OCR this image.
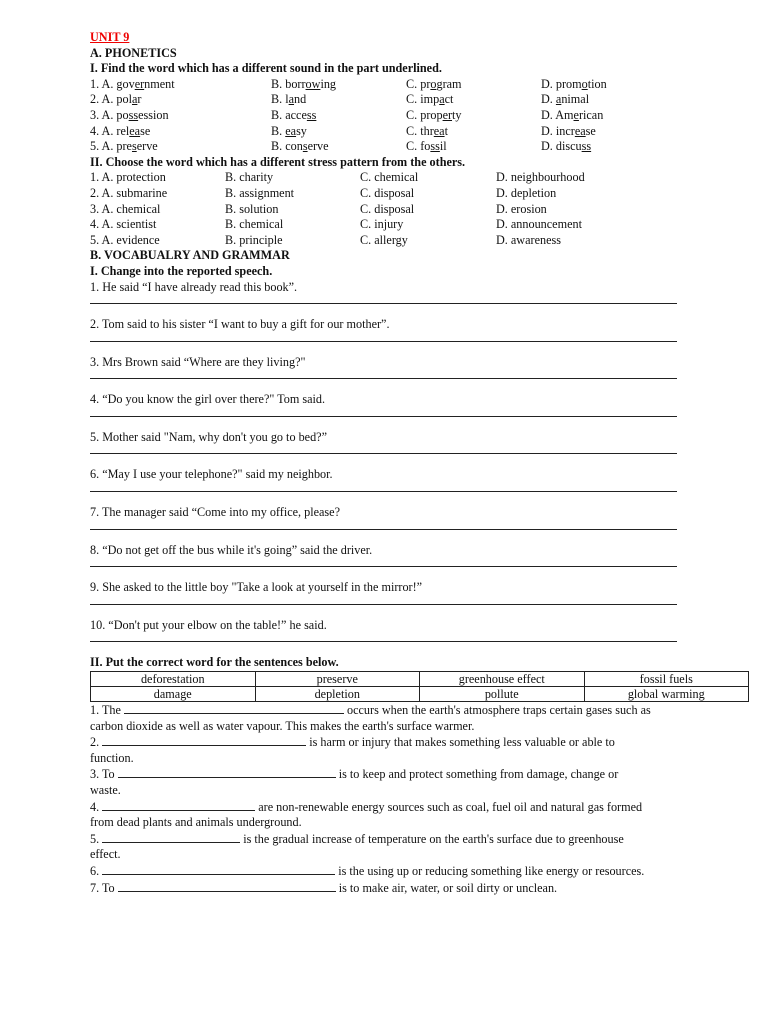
UNIT 9
A. PHONETICS
I. Find the word which has a different sound in the part underlined.
1. A. government	B. borrowing	C. program	D. promotion
2. A. polar	B. land	C. impact	D. animal
3. A. possession	B. access	C. property	D. American
4. A. release	B. easy	C. threat	D. increase
5. A. preserve	B. conserve	C. fossil	D. discuss
II. Choose the word which has a different stress pattern from the others.
1. A. protection	B. charity	C. chemical	D. neighbourhood
2. A. submarine	B. assignment	C. disposal	D. depletion
3. A. chemical	B. solution	C. disposal	D. erosion
4. A. scientist	B. chemical	C. injury	D. announcement
5. A. evidence	B. principle	C. allergy	D. awareness
B. VOCABUALRY AND GRAMMAR
I. Change into the reported speech.
1. He said “I have already read this book”.
2. Tom said to his sister “I want to buy a gift for our mother”.
3. Mrs Brown said “Where are they living?"
4. “Do you know the girl over there?" Tom said.
5. Mother said "Nam, why don't you go to bed?”
6. “May I use your telephone?" said my neighbor.
7. The manager said “Come into my office, please?
8. “Do not get off the bus while it's going” said the driver.
9. She asked to the little boy "Take a look at yourself in the mirror!”
10. “Don't put your elbow on the table!” he said.
II. Put the correct word for the sentences below.
deforestation	preserve	greenhouse effect	fossil fuels
damage	depletion	pollute	global warming
1. The	occurs when the earth's atmosphere traps certain gases such as
carbon dioxide as well as water vapour. This makes the earth's surface warmer.
2.	is harm or injury that makes something less valuable or able to
function.
3. To	is to keep and protect something from damage, change or
waste.
4.	are non-renewable energy sources such as coal, fuel oil and natural gas formed
from dead plants and animals underground.
5.	is the gradual increase of temperature on the earth's surface due to greenhouse
effect.
6.	is the using up or reducing something like energy or resources.
7. To	is to make air, water, or soil dirty or unclean.
